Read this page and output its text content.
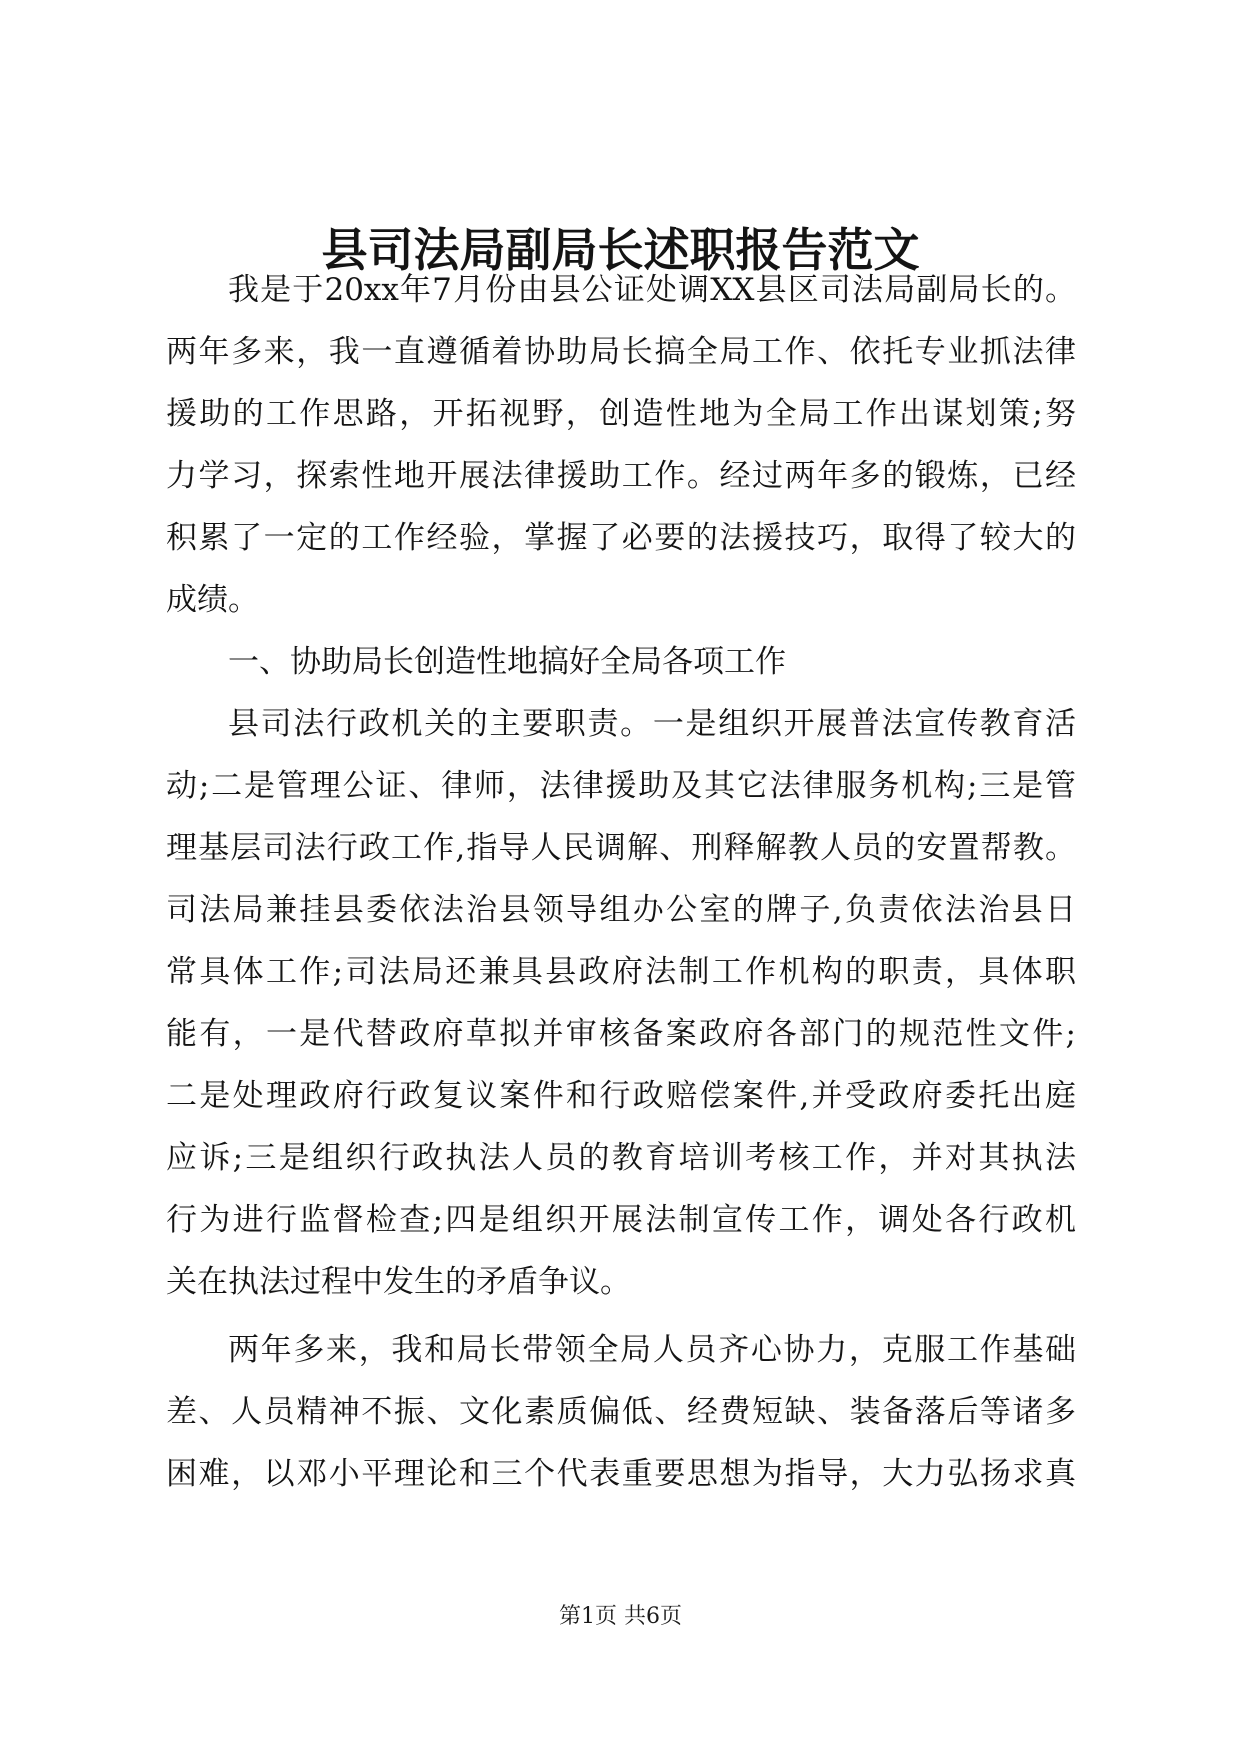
县司法局副局长述职报告范文
我是于20xx年7月份由县公证处调XX县区司法局副局长的。
两年多来，我一直遵循着协助局长搞全局工作、依托专业抓法律
援助的工作思路，开拓视野，创造性地为全局工作出谋划策;努
力学习，探索性地开展法律援助工作。经过两年多的锻炼，已经
积累了一定的工作经验，掌握了必要的法援技巧，取得了较大的
成绩。
一、协助局长创造性地搞好全局各项工作
县司法行政机关的主要职责。一是组织开展普法宣传教育活
动;二是管理公证、律师，法律援助及其它法律服务机构;三是管
理基层司法行政工作,指导人民调解、刑释解教人员的安置帮教。
司法局兼挂县委依法治县领导组办公室的牌子,负责依法治县日
常具体工作;司法局还兼具县政府法制工作机构的职责，具体职
能有，一是代替政府草拟并审核备案政府各部门的规范性文件;
二是处理政府行政复议案件和行政赔偿案件,并受政府委托出庭
应诉;三是组织行政执法人员的教育培训考核工作，并对其执法
行为进行监督检查;四是组织开展法制宣传工作，调处各行政机
关在执法过程中发生的矛盾争议。
两年多来，我和局长带领全局人员齐心协力，克服工作基础
差、人员精神不振、文化素质偏低、经费短缺、装备落后等诸多
困难，以邓小平理论和三个代表重要思想为指导，大力弘扬求真
第1页 共6页
